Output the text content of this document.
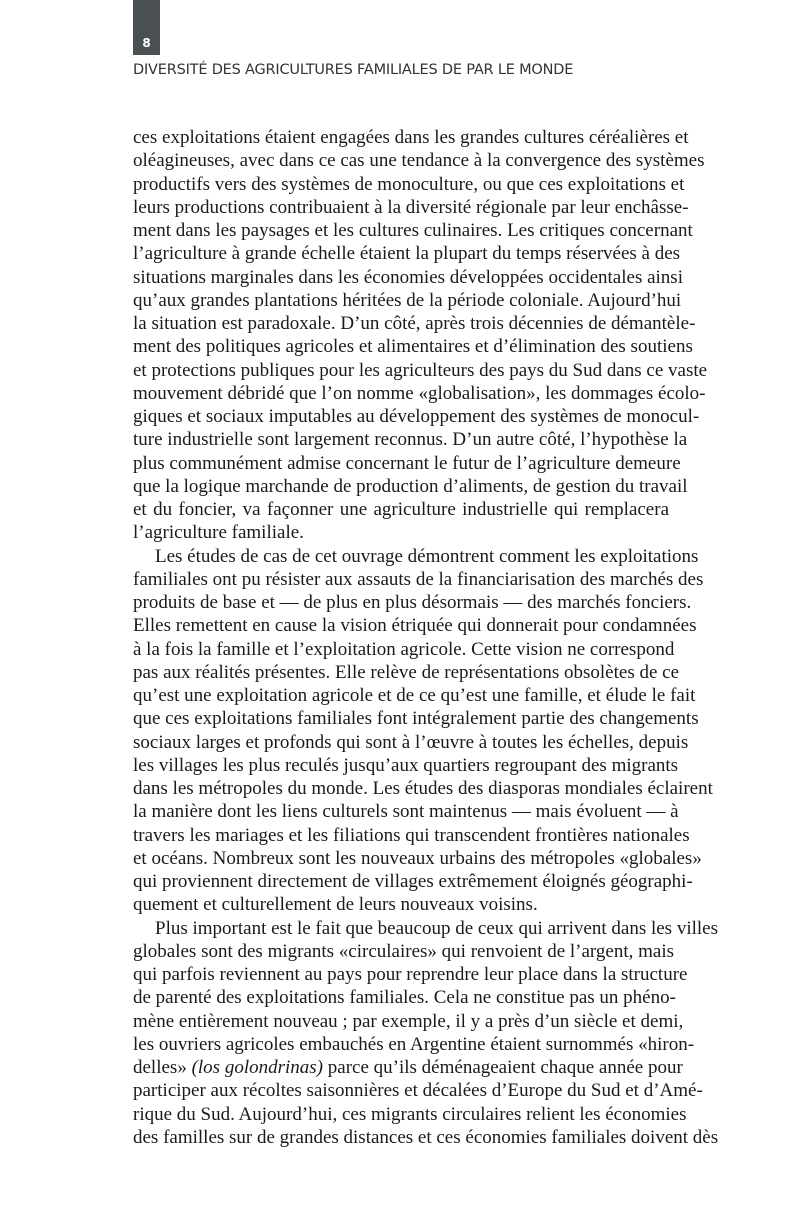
8
DIVERSITÉ DES AGRICULTURES FAMILIALES DE PAR LE MONDE
ces exploitations étaient engagées dans les grandes cultures céréalières et
oléagineuses, avec dans ce cas une tendance à la convergence des systèmes
productifs vers des systèmes de monoculture, ou que ces exploitations et
leurs productions contribuaient à la diversité régionale par leur enchâsse-
ment dans les paysages et les cultures culinaires. Les critiques concernant
l’agriculture à grande échelle étaient la plupart du temps réservées à des
situations marginales dans les économies développées occidentales ainsi
qu’aux grandes plantations héritées de la période coloniale. Aujourd’hui
la situation est paradoxale. D’un côté, après trois décennies de démantèle-
ment des politiques agricoles et alimentaires et d’élimination des soutiens
et protections publiques pour les agriculteurs des pays du Sud dans ce vaste
mouvement débridé que l’on nomme «globalisation», les dommages écolo-
giques et sociaux imputables au développement des systèmes de monocul-
ture industrielle sont largement reconnus. D’un autre côté, l’hypothèse la
plus communément admise concernant le futur de l’agriculture demeure
que la logique marchande de production d’aliments, de gestion du travail
et du foncier, va façonner une agriculture industrielle qui remplacera
l’agriculture familiale.
Les études de cas de cet ouvrage démontrent comment les exploitations
familiales ont pu résister aux assauts de la financiarisation des marchés des
produits de base et — de plus en plus désormais — des marchés fonciers.
Elles remettent en cause la vision étriquée qui donnerait pour condamnées
à la fois la famille et l’exploitation agricole. Cette vision ne correspond
pas aux réalités présentes. Elle relève de représentations obsolètes de ce
qu’est une exploitation agricole et de ce qu’est une famille, et élude le fait
que ces exploitations familiales font intégralement partie des changements
sociaux larges et profonds qui sont à l’œuvre à toutes les échelles, depuis
les villages les plus reculés jusqu’aux quartiers regroupant des migrants
dans les métropoles du monde. Les études des diasporas mondiales éclairent
la manière dont les liens culturels sont maintenus — mais évoluent — à
travers les mariages et les filiations qui transcendent frontières nationales
et océans. Nombreux sont les nouveaux urbains des métropoles «globales»
qui proviennent directement de villages extrêmement éloignés géographi-
quement et culturellement de leurs nouveaux voisins.
Plus important est le fait que beaucoup de ceux qui arrivent dans les villes
globales sont des migrants «circulaires» qui renvoient de l’argent, mais
qui parfois reviennent au pays pour reprendre leur place dans la structure
de parenté des exploitations familiales. Cela ne constitue pas un phéno-
mène entièrement nouveau ; par exemple, il y a près d’un siècle et demi,
les ouvriers agricoles embauchés en Argentine étaient surnommés «hiron-
delles» (los golondrinas) parce qu’ils déménageaient chaque année pour
participer aux récoltes saisonnières et décalées d’Europe du Sud et d’Amé-
rique du Sud. Aujourd’hui, ces migrants circulaires relient les économies
des familles sur de grandes distances et ces économies familiales doivent dès
